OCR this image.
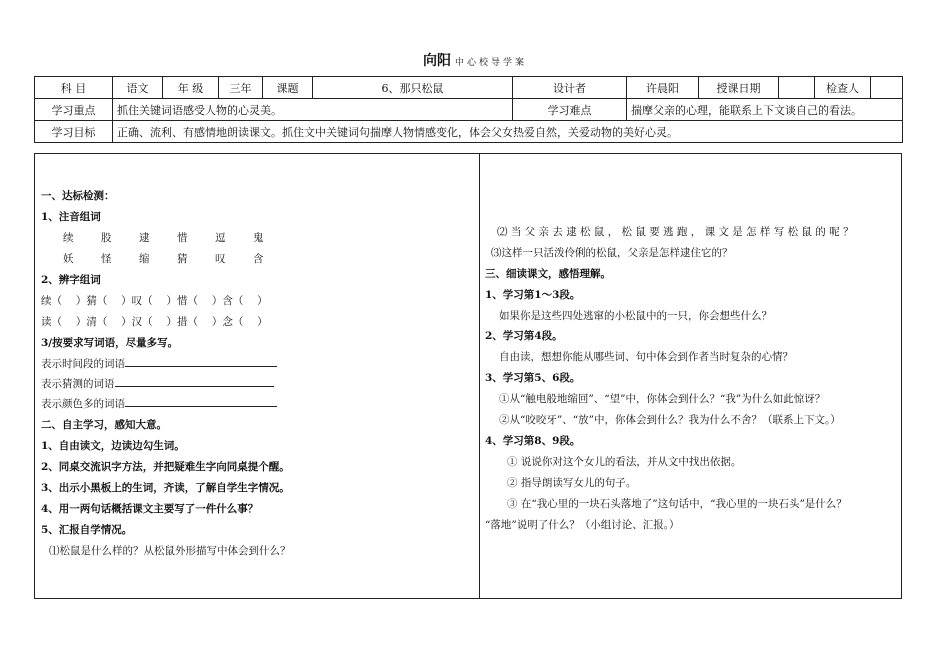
向阳 中心校导学案
科 目	语文	年 级	三年	课题	6、那只松鼠	设计者	许晨阳	授课日期		检查人	
学习重点	抓住关键词语感受人物的心灵美。					学习难点	揣摩父亲的心理，能联系上下文谈自己的看法。				
学习目标	正确、流利、有感情地朗读课文。抓住文中关键词句揣摩人物情感变化，体会父女热爱自然，关爱动物的美好心灵。										
一、达标检测：
1、注音组词
续	股	逮	惜	逗	鬼
妖	怪	缩	猜	叹	含
2、辨字组词
续（　 ）猜（　 ）叹（　 ）惜（　 ）含（　 ）
读（　 ）清（　 ）汉（　 ）措（　 ）念（　 ）
3/按要求写词语，尽量多写。
表示时间段的词语
表示猜测的词语
表示颜色多的词语
二、自主学习，感知大意。
1、自由读文，边读边勾生词。
2、同桌交流识字方法，并把疑难生字向同桌提个醒。
3、出示小黑板上的生词，齐读，了解自学生字情况。
4、用一两句话概括课文主要写了一件什么事？
5、汇报自学情况。
⑴松鼠是什么样的？从松鼠外形描写中体会到什么？
⑵ 当 父 亲 去 逮 松 鼠 ， 松 鼠 要 逃 跑 ， 课 文 是 怎 样 写 松 鼠 的 呢 ？
⑶这样一只活泼伶俐的松鼠，父亲是怎样逮住它的？
三、细读课文，感悟理解。
1、学习第1～3段。
如果你是这些四处逃窜的小松鼠中的一只，你会想些什么？
2、学习第4段。
自由读，想想你能从哪些词、句中体会到作者当时复杂的心情？
3、学习第5、6段。
①从“触电般地缩回”、“望”中，你体会到什么？“我”为什么如此惊讶？
②从“咬咬牙”、“放”中，你体会到什么？我为什么不舍？（联系上下文。）
4、学习第8、9段。
① 说说你对这个女儿的看法，并从文中找出依据。
② 指导朗读写女儿的句子。
③ 在“我心里的一块石头落地了”这句话中，“我心里的一块石头”是什么？
“落地”说明了什么？（小组讨论、汇报。）
